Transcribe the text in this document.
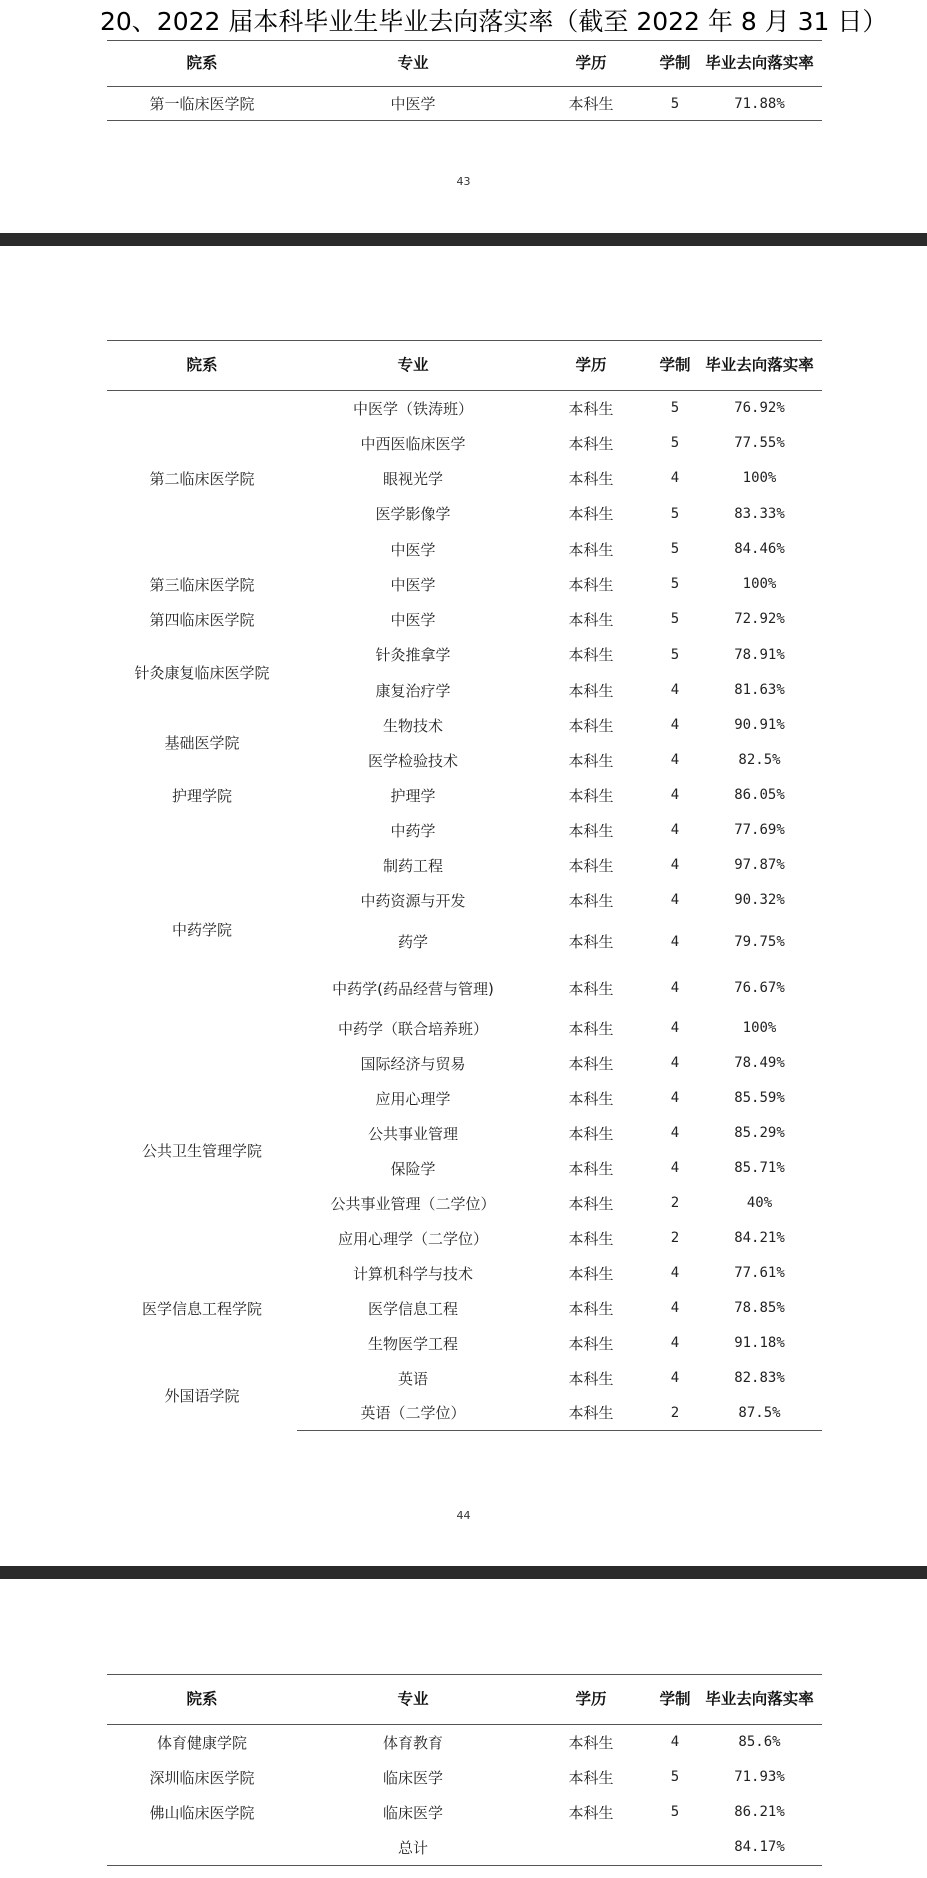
20、2022 届本科毕业生毕业去向落实率（截至 2022 年 8 月 31 日）
院系	专业	学历	学制	毕业去向落实率
第一临床医学院	中医学	本科生	5	71.88%
43
院系	专业	学历	学制	毕业去向落实率
第二临床医学院	中医学（铁涛班）	本科生	5	76.92%
	中西医临床医学	本科生	5	77.55%
	眼视光学	本科生	4	100%
	医学影像学	本科生	5	83.33%
	中医学	本科生	5	84.46%
第三临床医学院	中医学	本科生	5	100%
第四临床医学院	中医学	本科生	5	72.92%
针灸康复临床医学院	针灸推拿学	本科生	5	78.91%
	康复治疗学	本科生	4	81.63%
基础医学院	生物技术	本科生	4	90.91%
	医学检验技术	本科生	4	82.5%
护理学院	护理学	本科生	4	86.05%
中药学院	中药学	本科生	4	77.69%
	制药工程	本科生	4	97.87%
	中药资源与开发	本科生	4	90.32%
	药学	本科生	4	79.75%
	中药学(药品经营与管理)	本科生	4	76.67%
	中药学（联合培养班）	本科生	4	100%
公共卫生管理学院	国际经济与贸易	本科生	4	78.49%
	应用心理学	本科生	4	85.59%
	公共事业管理	本科生	4	85.29%
	保险学	本科生	4	85.71%
	公共事业管理（二学位）	本科生	2	40%
	应用心理学（二学位）	本科生	2	84.21%
医学信息工程学院	计算机科学与技术	本科生	4	77.61%
	医学信息工程	本科生	4	78.85%
	生物医学工程	本科生	4	91.18%
外国语学院	英语	本科生	4	82.83%
	英语（二学位）	本科生	2	87.5%
44
院系	专业	学历	学制	毕业去向落实率
体育健康学院	体育教育	本科生	4	85.6%
深圳临床医学院	临床医学	本科生	5	71.93%
佛山临床医学院	临床医学	本科生	5	86.21%
	总计			84.17%
